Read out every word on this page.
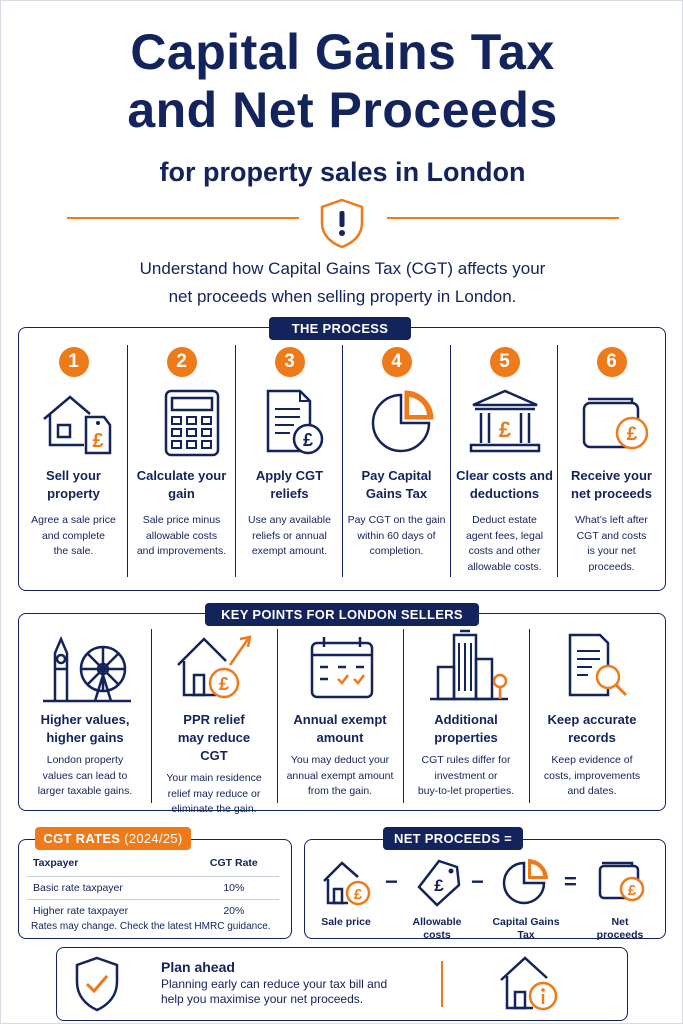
Capital Gains Tax
and Net Proceeds
for property sales in London
Understand how Capital Gains Tax (CGT) affects your
net proceeds when selling property in London.
THE PROCESS
1
£
Sell your
property
Agree a sale price
and complete
the sale.
2
Calculate your
gain
Sale price minus
allowable costs
and improvements.
3
£
Apply CGT
reliefs
Use any available
reliefs or annual
exempt amount.
4
Pay Capital
Gains Tax
Pay CGT on the gain
within 60 days of
completion.
5
£
Clear costs and
deductions
Deduct estate
agent fees, legal
costs and other
allowable costs.
6
£
Receive your
net proceeds
What’s left after
CGT and costs
is your net
proceeds.
KEY POINTS FOR LONDON SELLERS
Higher values,
higher gains
London property
values can lead to
larger taxable gains.
£
PPR relief
may reduce
CGT
Your main residence
relief may reduce or
eliminate the gain.
Annual exempt
amount
You may deduct your
annual exempt amount
from the gain.
Additional
properties
CGT rules differ for
investment or
buy-to-let properties.
Keep accurate
records
Keep evidence of
costs, improvements
and dates.
CGT RATES (2024/25)
Taxpayer	CGT Rate
Basic rate taxpayer	10%
Higher rate taxpayer	20%
Rates may change. Check the latest HMRC guidance.
NET PROCEEDS =
£
Sale price
− £
Allowable
costs
−
Capital Gains
Tax
=	£
Net
proceeds
Plan ahead
Planning early can reduce your tax bill and
help you maximise your net proceeds.
